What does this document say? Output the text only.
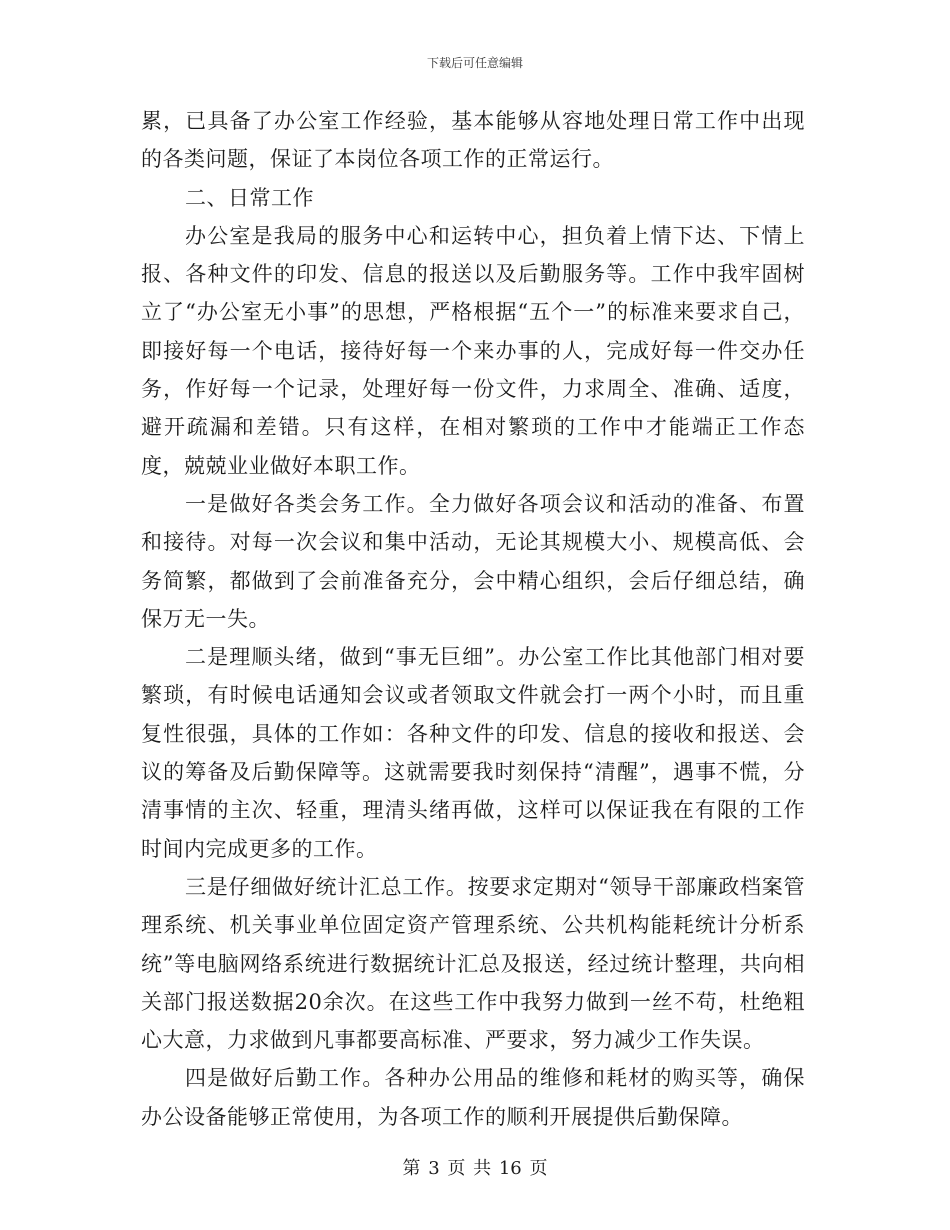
下载后可任意编辑

累，已具备了办公室工作经验，基本能够从容地处理日常工作中出现的各类问题，保证了本岗位各项工作的正常运行。

二、日常工作

办公室是我局的服务中心和运转中心，担负着上情下达、下情上报、各种文件的印发、信息的报送以及后勤服务等。工作中我牢固树立了“办公室无小事”的思想，严格根据“五个一”的标准来要求自己，即接好每一个电话，接待好每一个来办事的人，完成好每一件交办任务，作好每一个记录，处理好每一份文件，力求周全、准确、适度，避开疏漏和差错。只有这样，在相对繁琐的工作中才能端正工作态度，兢兢业业做好本职工作。

一是做好各类会务工作。全力做好各项会议和活动的准备、布置和接待。对每一次会议和集中活动，无论其规模大小、规模高低、会务简繁，都做到了会前准备充分，会中精心组织，会后仔细总结，确保万无一失。

二是理顺头绪，做到“事无巨细”。办公室工作比其他部门相对要繁琐，有时候电话通知会议或者领取文件就会打一两个小时，而且重复性很强，具体的工作如：各种文件的印发、信息的接收和报送、会议的筹备及后勤保障等。这就需要我时刻保持“清醒”，遇事不慌，分清事情的主次、轻重，理清头绪再做，这样可以保证我在有限的工作时间内完成更多的工作。

三是仔细做好统计汇总工作。按要求定期对“领导干部廉政档案管理系统、机关事业单位固定资产管理系统、公共机构能耗统计分析系统”等电脑网络系统进行数据统计汇总及报送，经过统计整理，共向相关部门报送数据20余次。在这些工作中我努力做到一丝不苟，杜绝粗心大意，力求做到凡事都要高标准、严要求，努力减少工作失误。

四是做好后勤工作。各种办公用品的维修和耗材的购买等，确保办公设备能够正常使用，为各项工作的顺利开展提供后勤保障。

第 3 页 共 16 页
